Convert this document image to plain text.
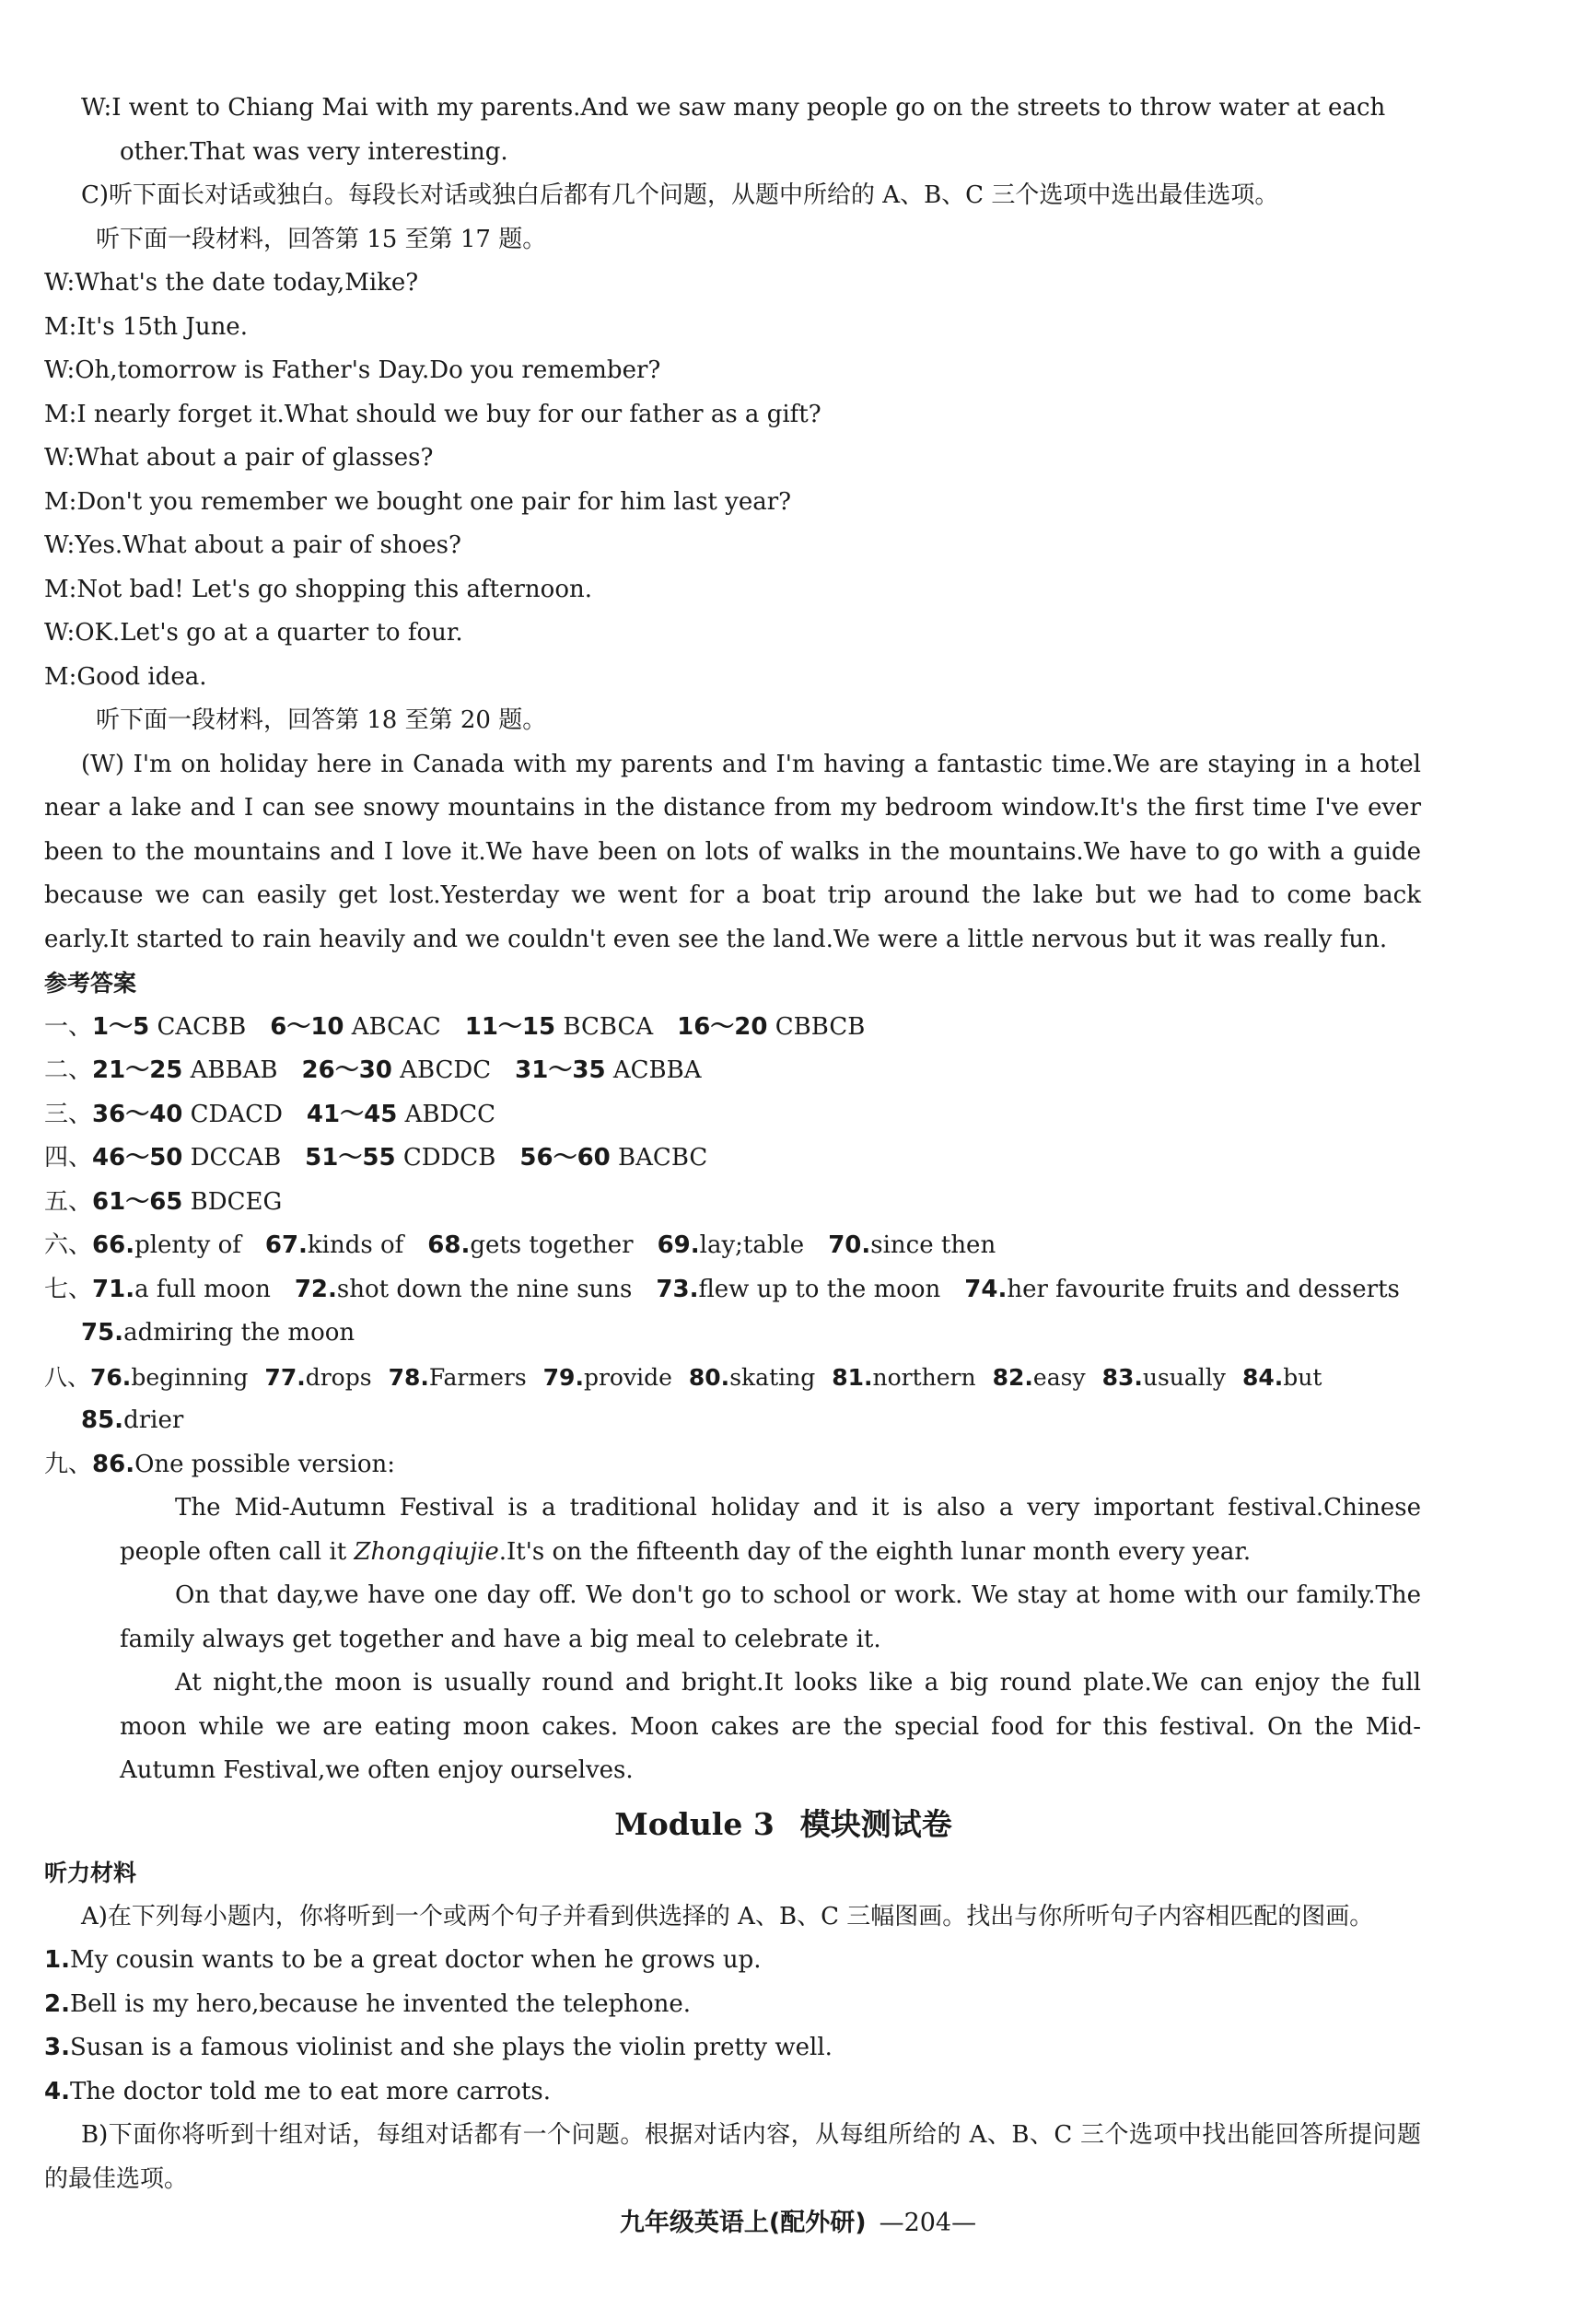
W:I went to Chiang Mai with my parents.And we saw many people go on the streets to throw water at each
other.That was very interesting.
C)听下面长对话或独白。每段长对话或独白后都有几个问题，从题中所给的 A、B、C 三个选项中选出最佳选项。
听下面一段材料，回答第 15 至第 17 题。
W:What's the date today,Mike?
M:It's 15th June.
W:Oh,tomorrow is Father's Day.Do you remember?
M:I nearly forget it.What should we buy for our father as a gift?
W:What about a pair of glasses?
M:Don't you remember we bought one pair for him last year?
W:Yes.What about a pair of shoes?
M:Not bad! Let's go shopping this afternoon.
W:OK.Let's go at a quarter to four.
M:Good idea.
听下面一段材料，回答第 18 至第 20 题。
(W) I'm on holiday here in Canada with my parents and I'm having a fantastic time.We are staying in a hotel near a lake and I can see snowy mountains in the distance from my bedroom window.It's the first time I've ever been to the mountains and I love it.We have been on lots of walks in the mountains.We have to go with a guide because we can easily get lost.Yesterday we went for a boat trip around the lake but we had to come back early.It started to rain heavily and we couldn't even see the land.We were a little nervous but it was really fun.
参考答案
一、1～5 CACBB 6～10 ABCAC 11～15 BCBCA 16～20 CBBCB
二、21～25 ABBAB 26～30 ABCDC 31～35 ACBBA
三、36～40 CDACD 41～45 ABDCC
四、46～50 DCCAB 51～55 CDDCB 56～60 BACBC
五、61～65 BDCEG
六、66.plenty of 67.kinds of 68.gets together 69.lay;table 70.since then
七、71.a full moon 72.shot down the nine suns 73.flew up to the moon 74.her favourite fruits and desserts
75.admiring the moon
八、76.beginning 77.drops 78.Farmers 79.provide 80.skating 81.northern 82.easy 83.usually 84.but
85.drier
九、86.One possible version:
The Mid-Autumn Festival is a traditional holiday and it is also a very important festival.Chinese people often call it Zhongqiujie.It's on the fifteenth day of the eighth lunar month every year.
On that day,we have one day off. We don't go to school or work. We stay at home with our family.The family always get together and have a big meal to celebrate it.
At night,the moon is usually round and bright.It looks like a big round plate.We can enjoy the full moon while we are eating moon cakes. Moon cakes are the special food for this festival. On the Mid-Autumn Festival,we often enjoy ourselves.
Module 3 模块测试卷
听力材料
A)在下列每小题内，你将听到一个或两个句子并看到供选择的 A、B、C 三幅图画。找出与你所听句子内容相匹配的图画。
1.My cousin wants to be a great doctor when he grows up.
2.Bell is my hero,because he invented the telephone.
3.Susan is a famous violinist and she plays the violin pretty well.
4.The doctor told me to eat more carrots.
B)下面你将听到十组对话，每组对话都有一个问题。根据对话内容，从每组所给的 A、B、C 三个选项中找出能回答所提问题的最佳选项。
九年级英语上(配外研) —204—
